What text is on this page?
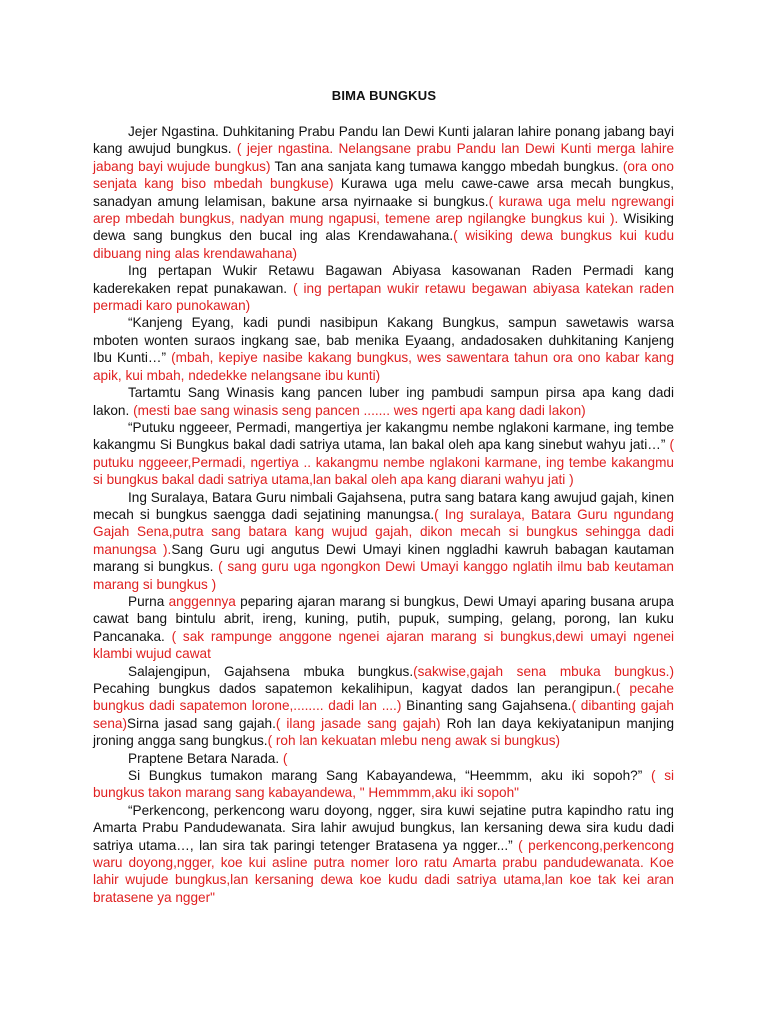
BIMA BUNGKUS

Jejer Ngastina. Duhkitaning Prabu Pandu lan Dewi Kunti jalaran lahire ponang jabang bayi kang awujud bungkus. ( jejer ngastina. Nelangsane prabu Pandu lan Dewi Kunti merga lahire jabang bayi wujude bungkus) Tan ana sanjata kang tumawa kanggo mbedah bungkus. (ora ono senjata kang biso mbedah bungkuse) Kurawa uga melu cawe-cawe arsa mecah bungkus, sanadyan amung lelamisan, bakune arsa nyirnaake si bungkus.( kurawa uga melu ngrewangi arep mbedah bungkus, nadyan mung ngapusi, temene arep ngilangke bungkus kui ). Wisiking dewa sang bungkus den bucal ing alas Krendawahana.( wisiking dewa bungkus kui kudu dibuang ning alas krendawahana)

Ing pertapan Wukir Retawu Bagawan Abiyasa kasowanan Raden Permadi kang kaderekaken repat punakawan. ( ing pertapan wukir retawu begawan abiyasa katekan raden permadi karo punokawan)

“Kanjeng Eyang, kadi pundi nasibipun Kakang Bungkus, sampun sawetawis warsa mboten wonten suraos ingkang sae, bab menika Eyaang, andadosaken duhkitaning Kanjeng Ibu Kunti…” (mbah, kepiye nasibe kakang bungkus, wes sawentara tahun ora ono kabar kang apik, kui mbah, ndedekke nelangsane ibu kunti)

Tartamtu Sang Winasis kang pancen luber ing pambudi sampun pirsa apa kang dadi lakon. (mesti bae sang winasis seng pancen ....... wes ngerti apa kang dadi lakon)

“Putuku nggeeer, Permadi, mangertiya jer kakangmu nembe nglakoni karmane, ing tembe kakangmu Si Bungkus bakal dadi satriya utama, lan bakal oleh apa kang sinebut wahyu jati…” ( putuku nggeeer,Permadi, ngertiya .. kakangmu nembe nglakoni karmane, ing tembe kakangmu si bungkus bakal dadi satriya utama,lan bakal oleh apa kang diarani wahyu jati )

Ing Suralaya, Batara Guru nimbali Gajahsena, putra sang batara kang awujud gajah, kinen mecah si bungkus saengga dadi sejatining manungsa.( Ing suralaya, Batara Guru ngundang Gajah Sena,putra sang batara kang wujud gajah, dikon mecah si bungkus sehingga dadi manungsa ).Sang Guru ugi angutus Dewi Umayi kinen nggladhi kawruh babagan kautaman marang si bungkus. ( sang guru uga ngongkon Dewi Umayi kanggo nglatih ilmu bab keutaman marang si bungkus )

Purna anggennya peparing ajaran marang si bungkus, Dewi Umayi aparing busana arupa cawat bang bintulu abrit, ireng, kuning, putih, pupuk, sumping, gelang, porong, lan kuku Pancanaka. ( sak rampunge anggone ngenei ajaran marang si bungkus,dewi umayi ngenei klambi wujud cawat

Salajengipun, Gajahsena mbuka bungkus.(sakwise,gajah sena mbuka bungkus.) Pecahing bungkus dados sapatemon kekalihipun, kagyat dados lan perangipun.( pecahe bungkus dadi sapatemon lorone,........ dadi lan ....) Binanting sang Gajahsena.( dibanting gajah sena)Sirna jasad sang gajah.( ilang jasade sang gajah) Roh lan daya kekiyatanipun manjing jroning angga sang bungkus.( roh lan kekuatan mlebu neng awak si bungkus)

Praptene Betara Narada. (

Si Bungkus tumakon marang Sang Kabayandewa, “Heemmm, aku iki sopoh?” ( si bungkus takon marang sang kabayandewa, " Hemmmm,aku iki sopoh"

“Perkencong, perkencong waru doyong, ngger, sira kuwi sejatine putra kapindho ratu ing Amarta Prabu Pandudewanata. Sira lahir awujud bungkus, lan kersaning dewa sira kudu dadi satriya utama…, lan sira tak paringi tetenger Bratasena ya ngger...” ( perkencong,perkencong waru doyong,ngger, koe kui asline putra nomer loro ratu Amarta prabu pandudewanata. Koe lahir wujude bungkus,lan kersaning dewa koe kudu dadi satriya utama,lan koe tak kei aran bratasene ya ngger"
